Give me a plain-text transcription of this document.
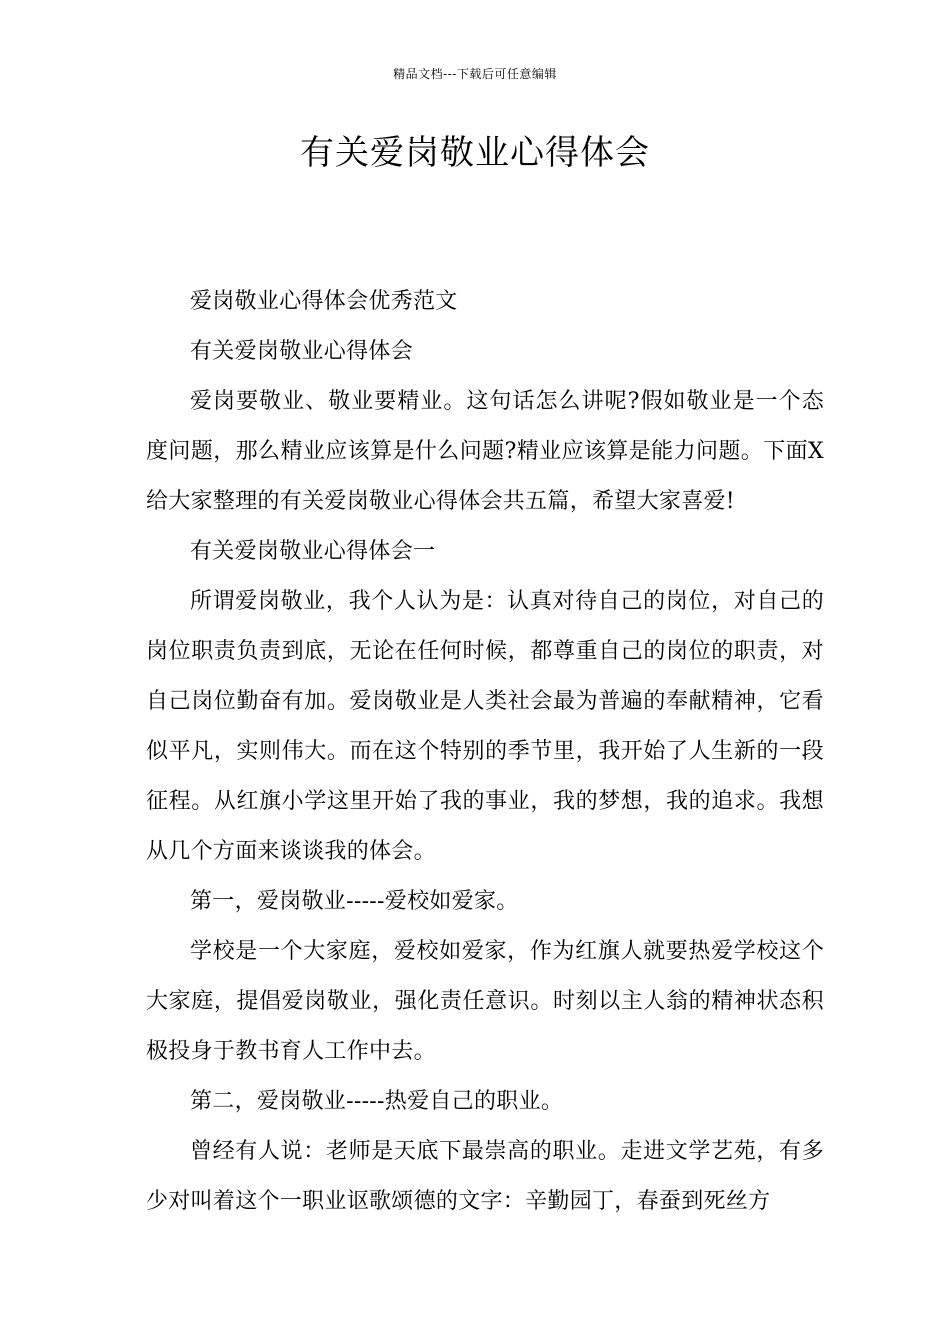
精品文档---下载后可任意编辑
有关爱岗敬业心得体会

爱岗敬业心得体会优秀范文

有关爱岗敬业心得体会

爱岗要敬业、敬业要精业。这句话怎么讲呢?假如敬业是一个态度问题，那么精业应该算是什么问题?精业应该算是能力问题。下面X给大家整理的有关爱岗敬业心得体会共五篇，希望大家喜爱!

有关爱岗敬业心得体会一

所谓爱岗敬业，我个人认为是：认真对待自己的岗位，对自己的岗位职责负责到底，无论在任何时候，都尊重自己的岗位的职责，对自己岗位勤奋有加。爱岗敬业是人类社会最为普遍的奉献精神，它看似平凡，实则伟大。而在这个特别的季节里，我开始了人生新的一段征程。从红旗小学这里开始了我的事业，我的梦想，我的追求。我想从几个方面来谈谈我的体会。

第一，爱岗敬业-----爱校如爱家。

学校是一个大家庭，爱校如爱家，作为红旗人就要热爱学校这个大家庭，提倡爱岗敬业，强化责任意识。时刻以主人翁的精神状态积极投身于教书育人工作中去。

第二，爱岗敬业-----热爱自己的职业。

曾经有人说：老师是天底下最崇高的职业。走进文学艺苑，有多少对叫着这个一职业讴歌颂德的文字：辛勤园丁，春蚕到死丝方
